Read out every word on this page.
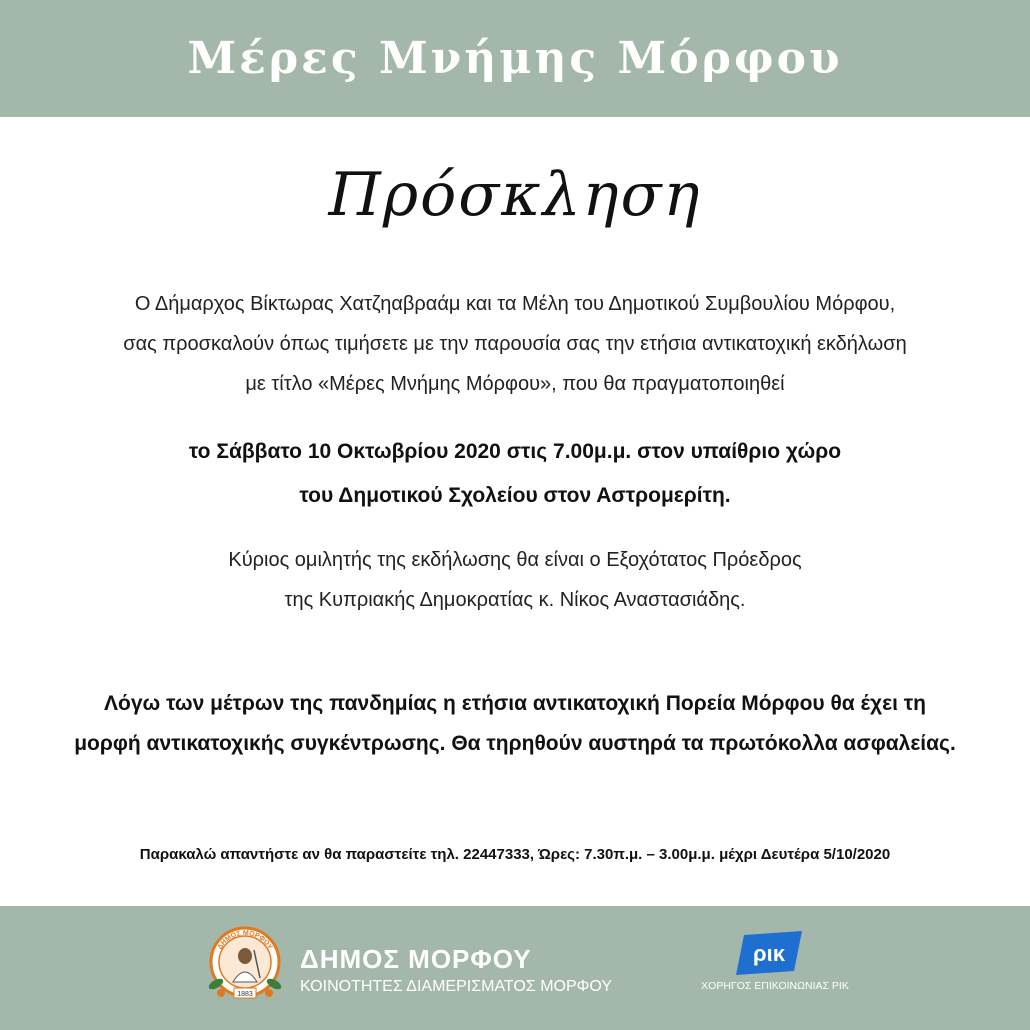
Μέρες Μνήμης Μόρφου
Πρόσκληση
Ο Δήμαρχος Βίκτωρας Χατζηαβραάμ και τα Μέλη του Δημοτικού Συμβουλίου Μόρφου,
σας προσκαλούν όπως τιμήσετε με την παρουσία σας την ετήσια αντικατοχική εκδήλωση
με τίτλο «Μέρες Μνήμης Μόρφου», που θα πραγματοποιηθεί
το Σάββατο 10 Οκτωβρίου 2020 στις 7.00μ.μ. στον υπαίθριο χώρο
του Δημοτικού Σχολείου στον Αστρομερίτη.
Κύριος ομιλητής της εκδήλωσης θα είναι ο Εξοχότατος Πρόεδρος
της Κυπριακής Δημοκρατίας κ. Νίκος Αναστασιάδης.
Λόγω των μέτρων της πανδημίας η ετήσια αντικατοχική Πορεία Μόρφου θα έχει τη
μορφή αντικατοχικής συγκέντρωσης. Θα τηρηθούν αυστηρά τα πρωτόκολλα ασφαλείας.
Παρακαλώ απαντήστε αν θα παραστείτε τηλ. 22447333, Ώρες: 7.30π.μ. – 3.00μ.μ. μέχρι Δευτέρα 5/10/2020
ΔΗΜΟΣ ΜΟΡΦΟΥ
1883
ΔΗΜΟΣ ΜΟΡΦΟΥ
ΚΟΙΝΟΤΗΤΕΣ ΔΙΑΜΕΡΙΣΜΑΤΟΣ ΜΟΡΦΟΥ
ρικ
ΧΟΡΗΓΟΣ ΕΠΙΚΟΙΝΩΝΙΑΣ ΡΙΚ
